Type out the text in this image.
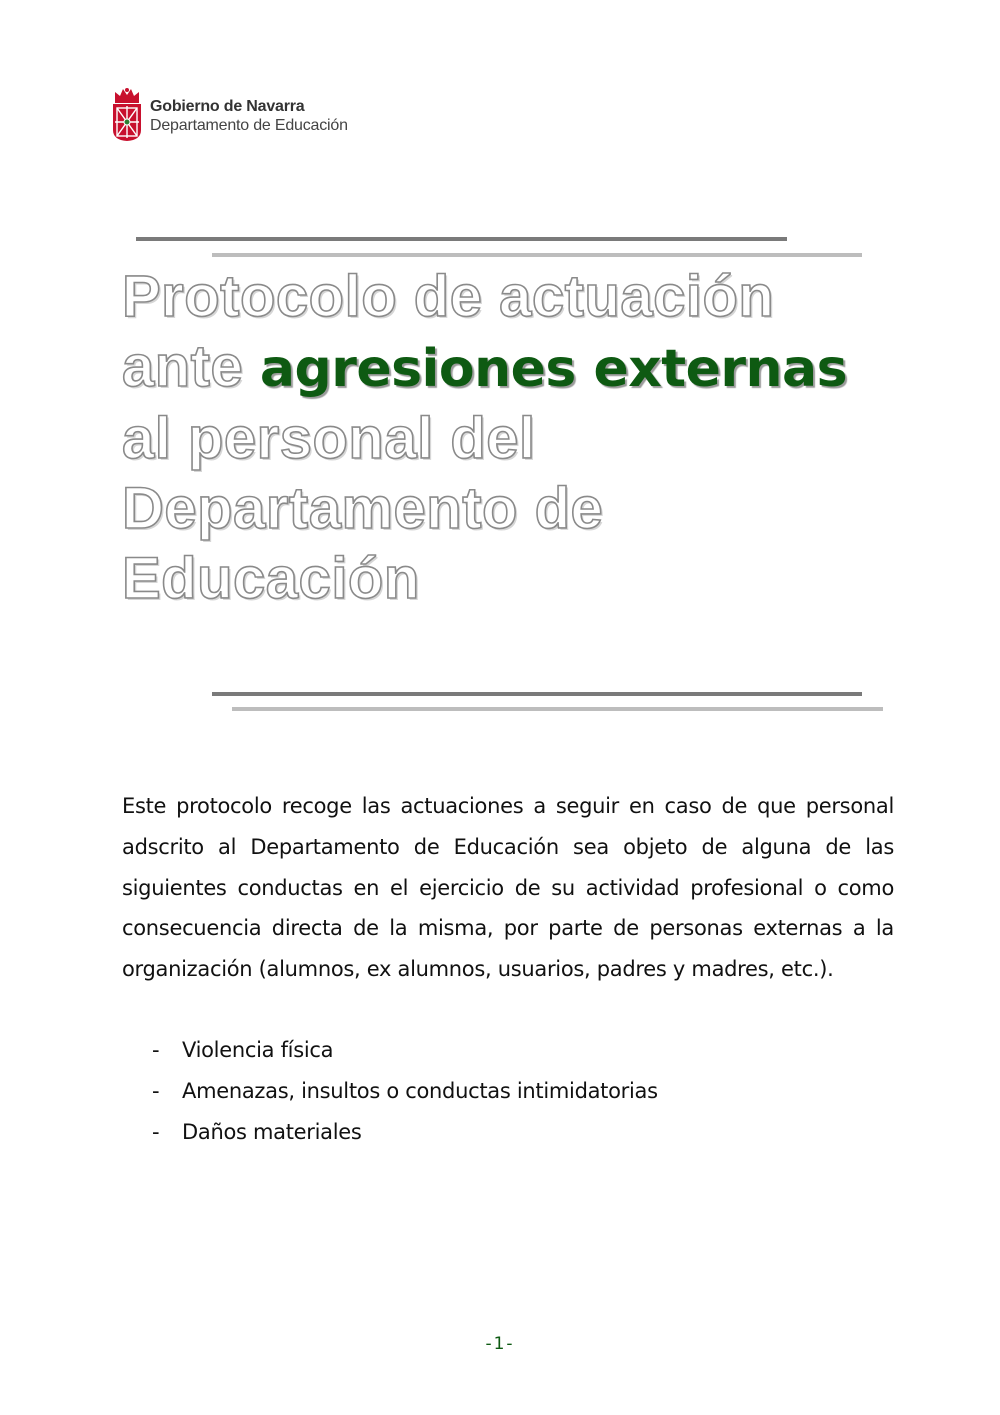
Gobierno de Navarra
Departamento de Educación
Protocolo de actuación
ante agresiones externas
al personal del
Departamento de
Educación

Este protocolo recoge las actuaciones a seguir en caso de que personal adscrito al Departamento de Educación sea objeto de alguna de las siguientes conductas en el ejercicio de su actividad profesional o como consecuencia directa de la misma, por parte de personas externas a la organización (alumnos, ex alumnos, usuarios, padres y madres, etc.).

-	Violencia física
-	Amenazas, insultos o conductas intimidatorias
-	Daños materiales
-1-
